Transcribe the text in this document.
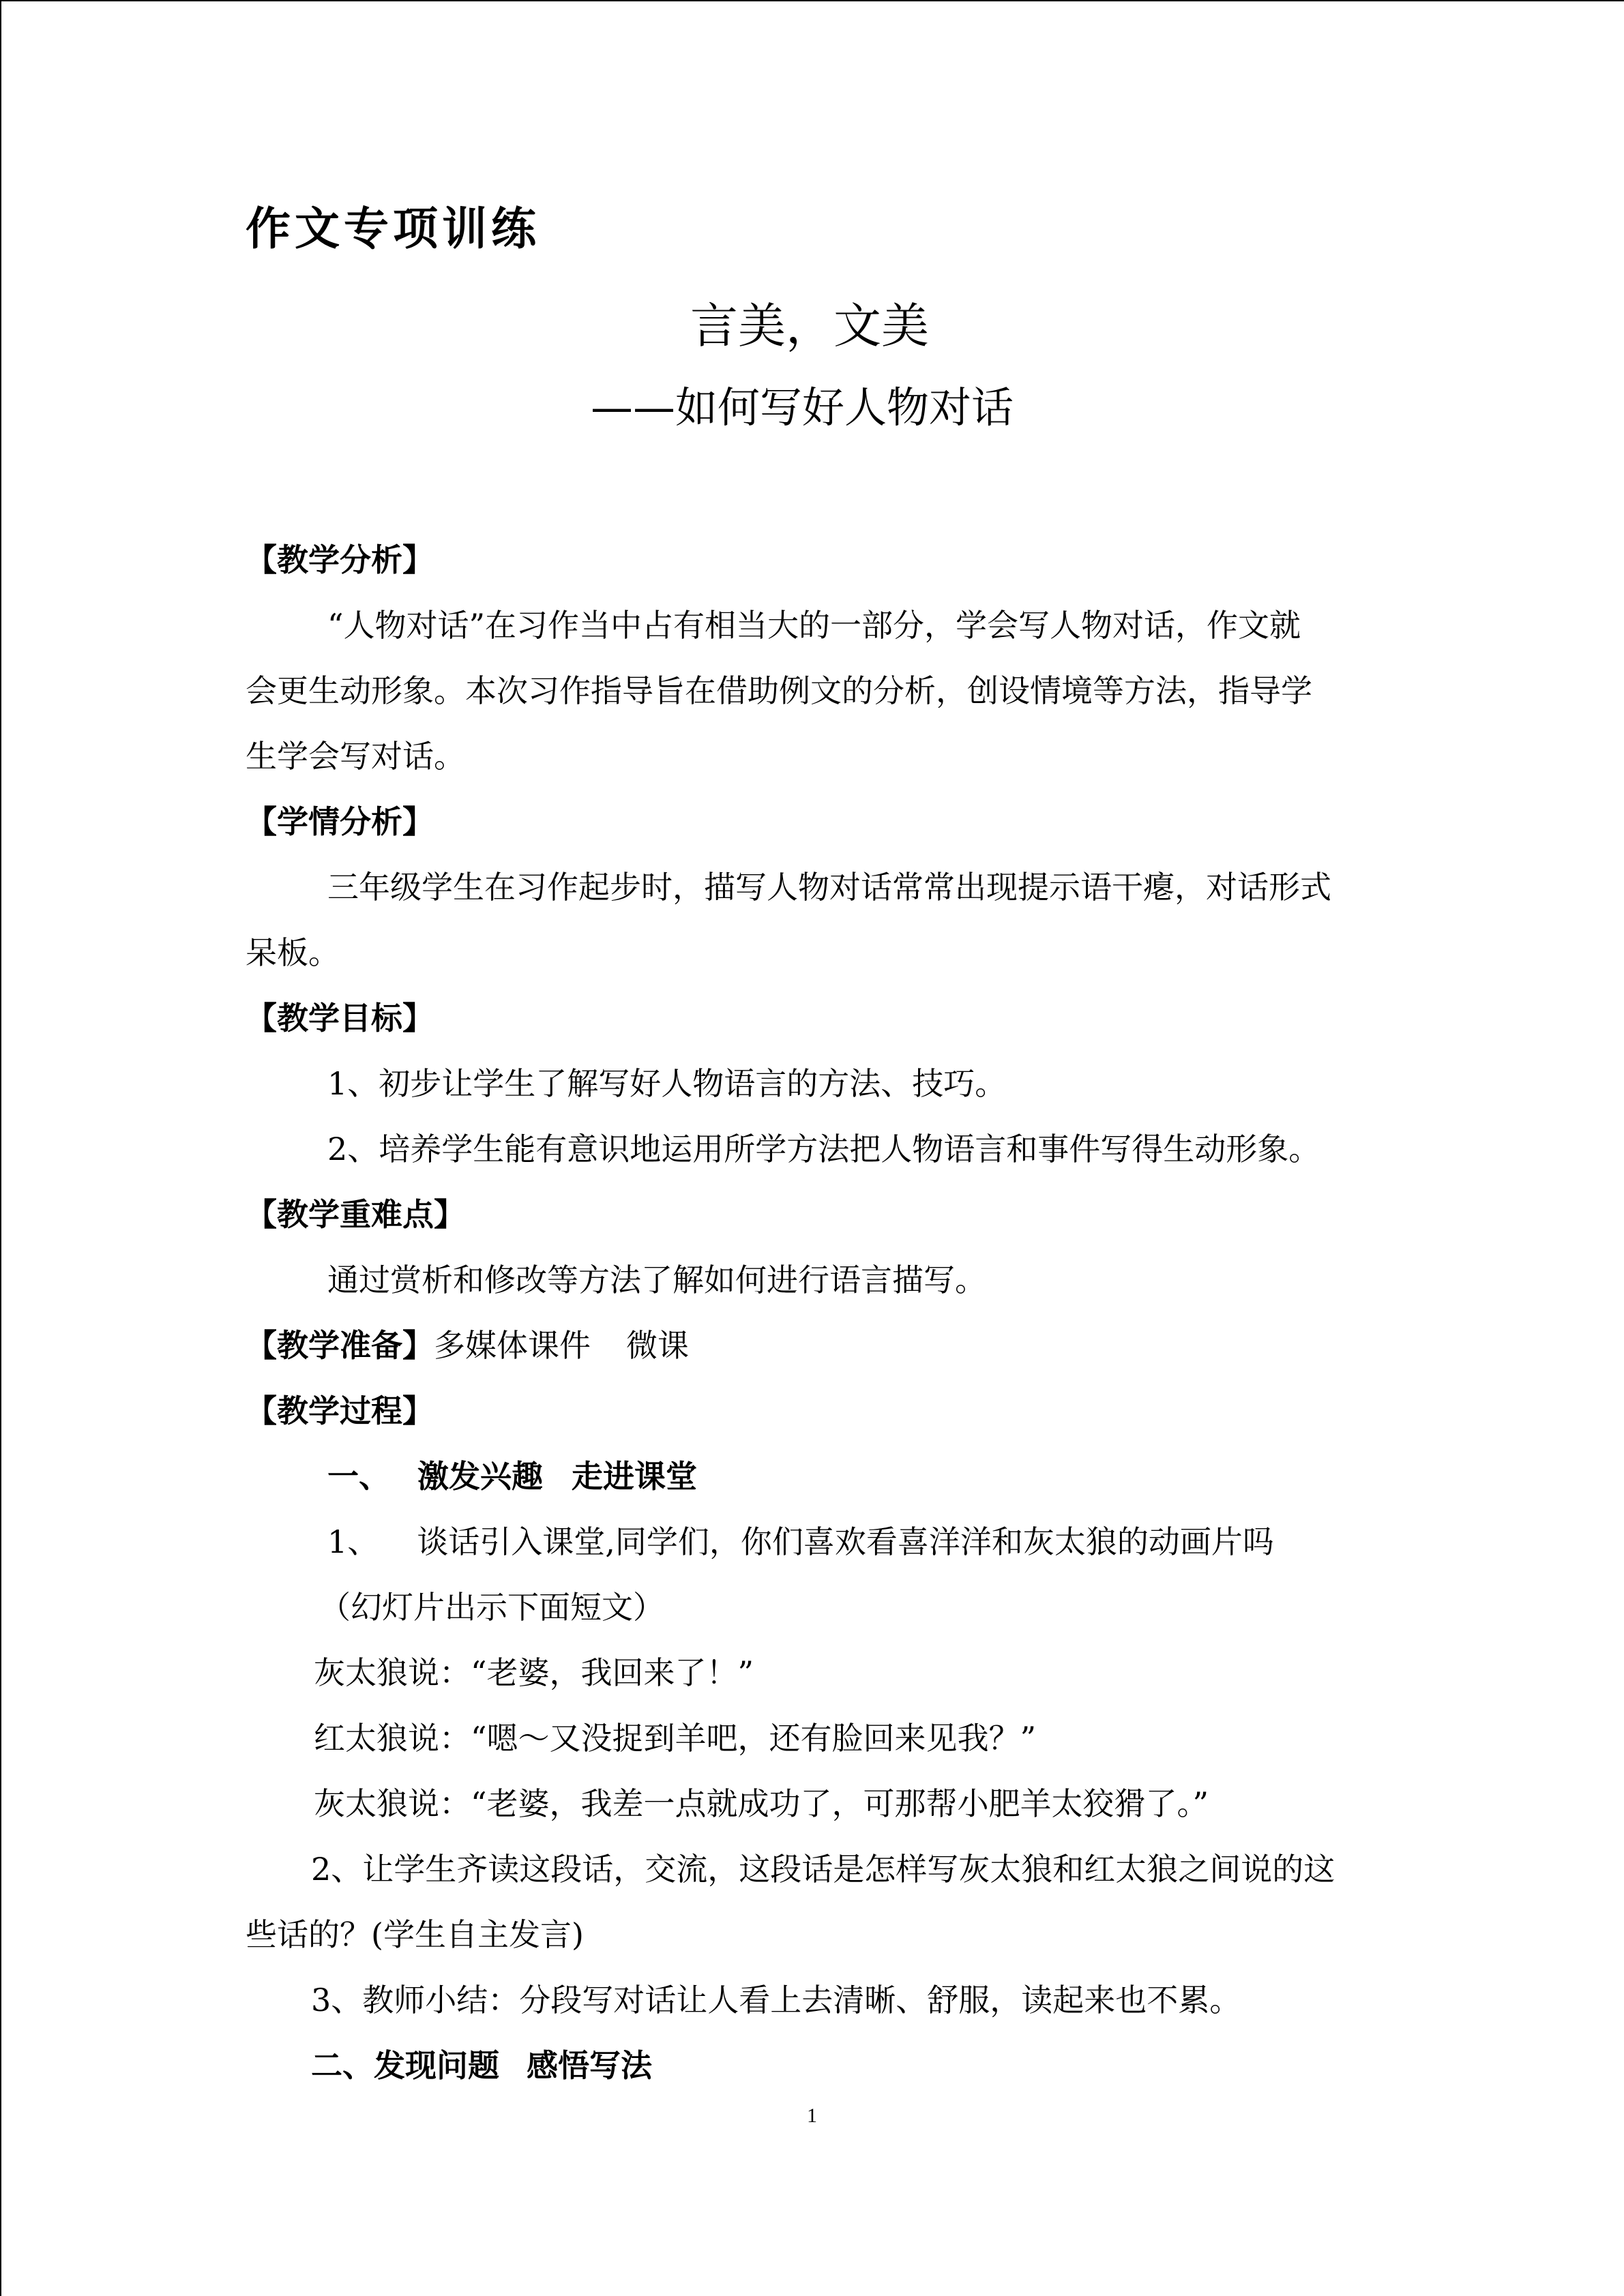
作文专项训练
言美，文美
——如何写好人物对话
【教学分析】
“人物对话”在习作当中占有相当大的一部分，学会写人物对话，作文就
会更生动形象。本次习作指导旨在借助例文的分析，创设情境等方法，指导学
生学会写对话。
【学情分析】
三年级学生在习作起步时，描写人物对话常常出现提示语干瘪，对话形式
呆板。
【教学目标】
1、初步让学生了解写好人物语言的方法、技巧。
2、培养学生能有意识地运用所学方法把人物语言和事件写得生动形象。
【教学重难点】
通过赏析和修改等方法了解如何进行语言描写。
【教学准备】多媒体课件 微课
【教学过程】
一、 激发兴趣 走进课堂
1、 谈话引入课堂,同学们，你们喜欢看喜洋洋和灰太狼的动画片吗
（幻灯片出示下面短文）
灰太狼说：“老婆，我回来了！”
红太狼说：“嗯～又没捉到羊吧，还有脸回来见我？”
灰太狼说：“老婆，我差一点就成功了，可那帮小肥羊太狡猾了。”
2、让学生齐读这段话，交流，这段话是怎样写灰太狼和红太狼之间说的这
些话的？(学生自主发言)
3、教师小结：分段写对话让人看上去清晰、舒服，读起来也不累。
二、发现问题 感悟写法
1
